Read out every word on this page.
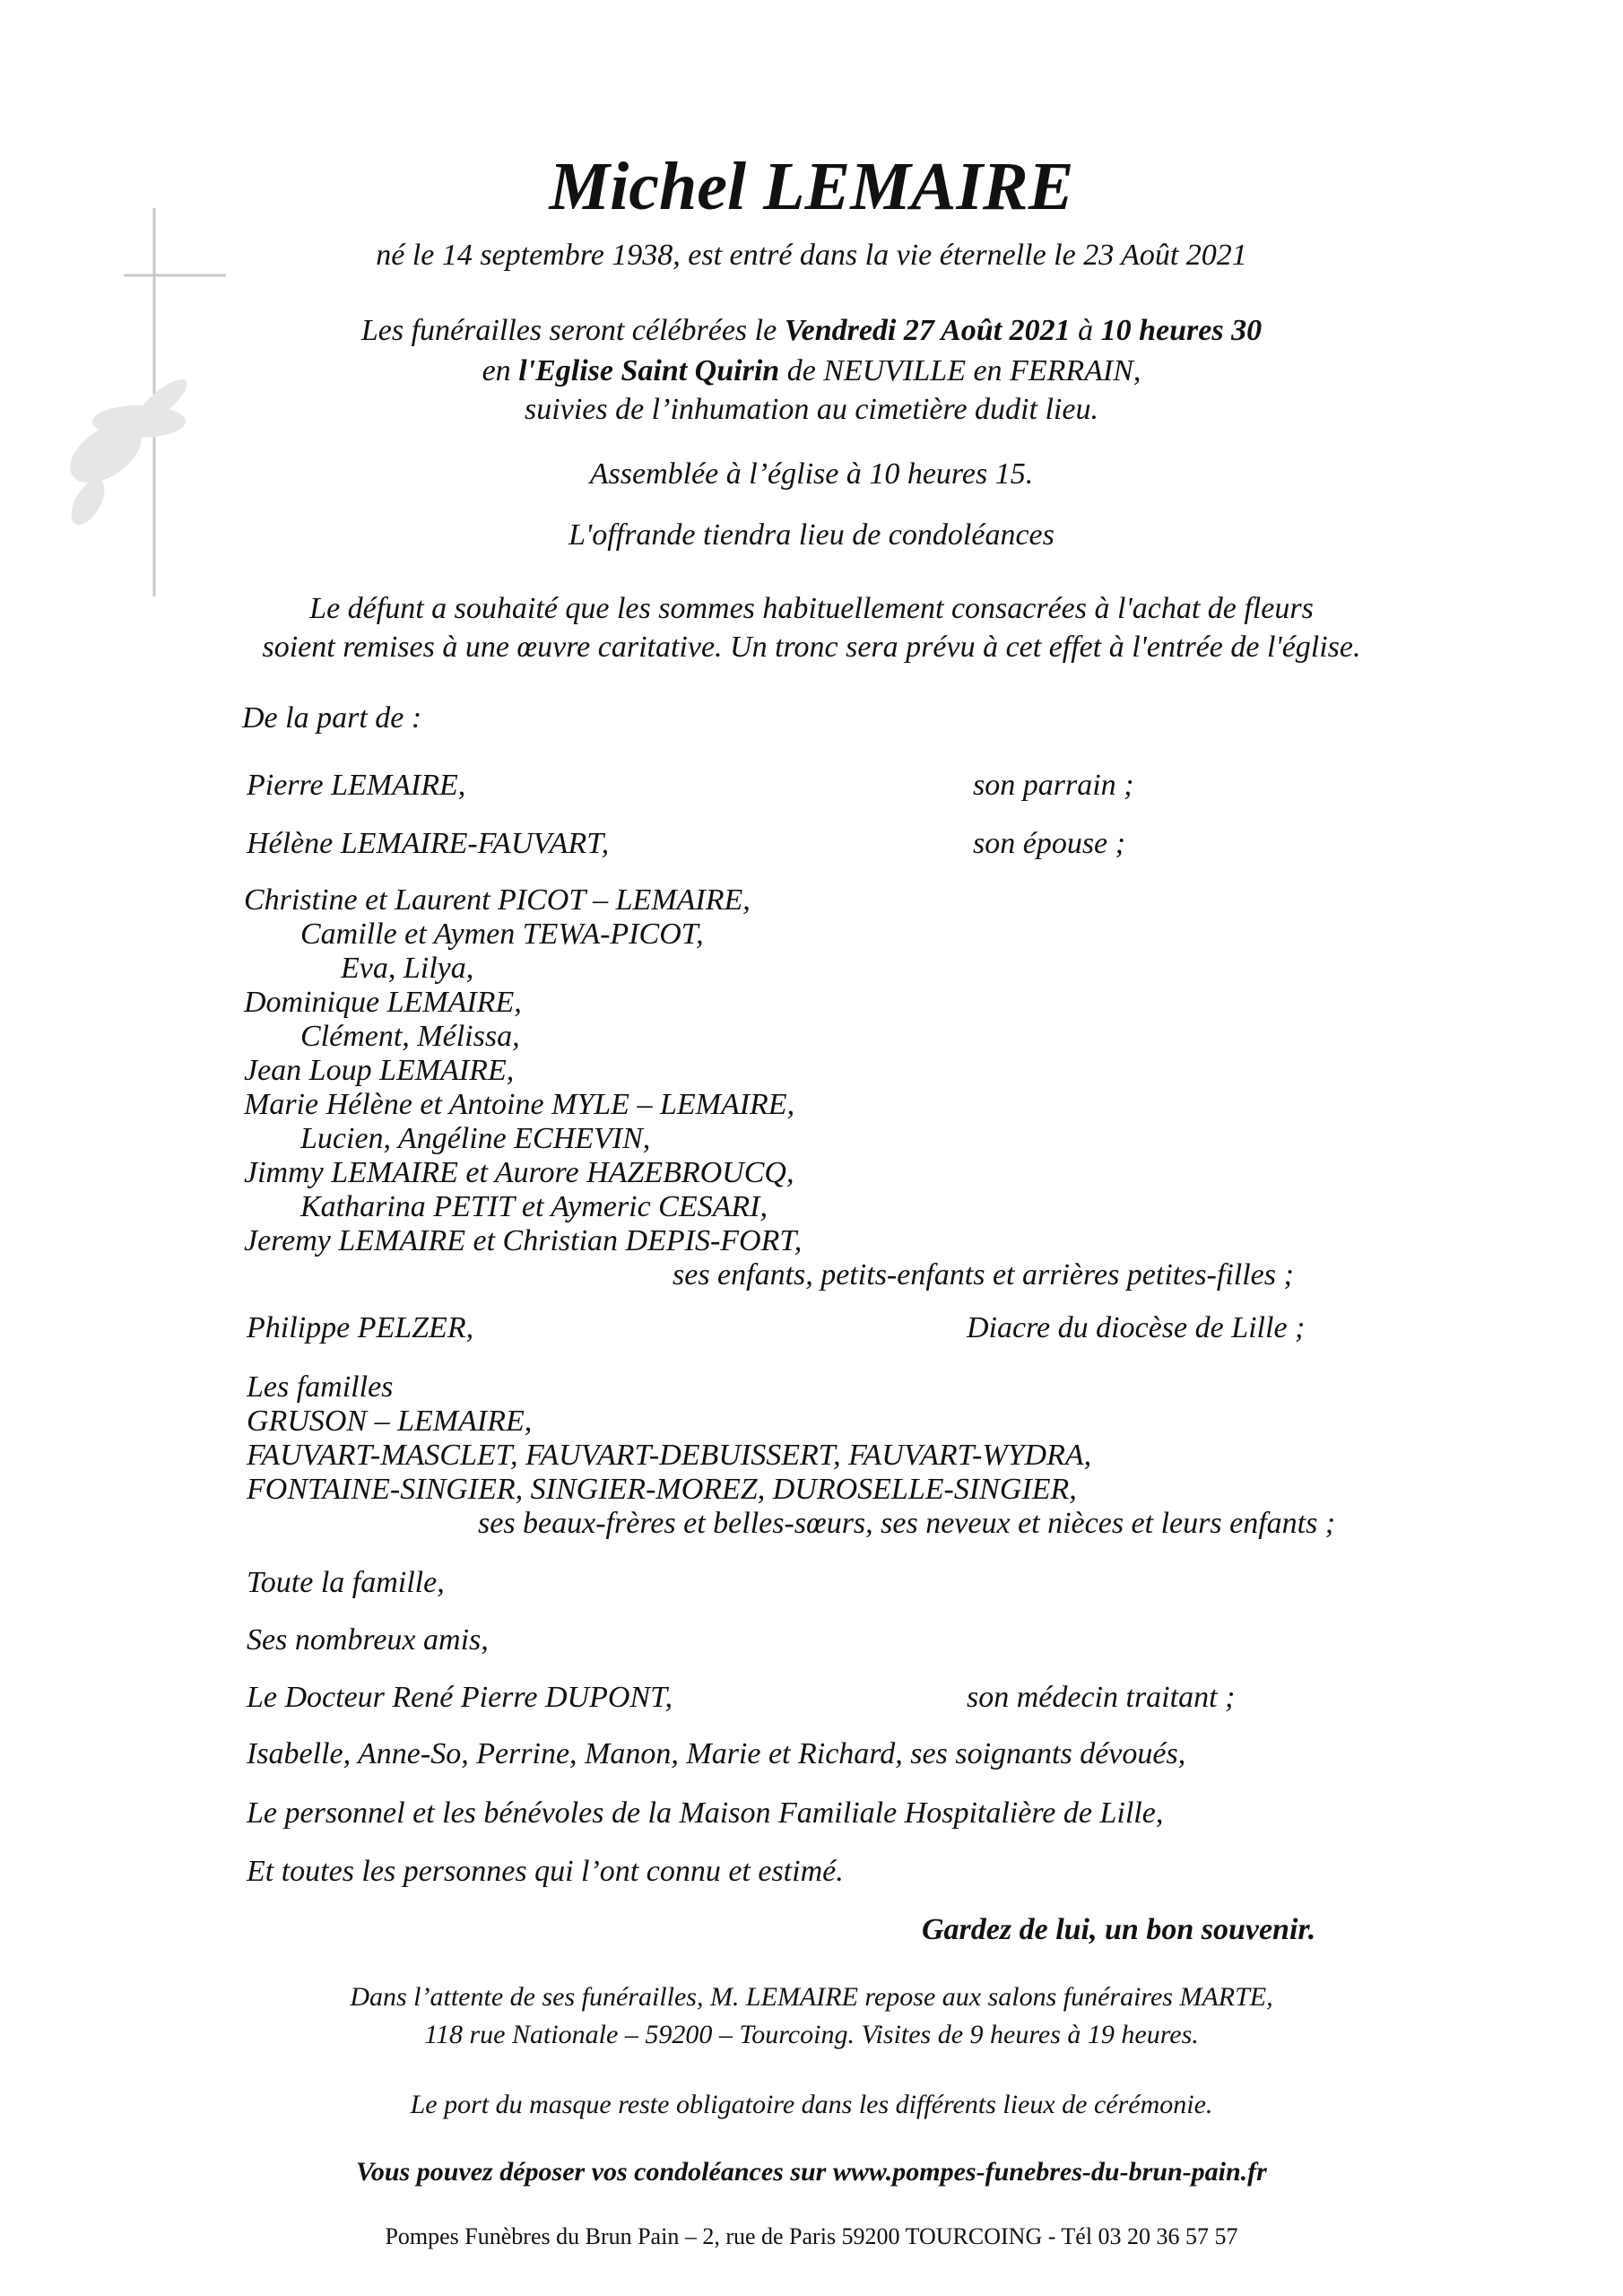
Michel LEMAIRE
né le 14 septembre 1938, est entré dans la vie éternelle le 23 Août 2021
Les funérailles seront célébrées le Vendredi 27 Août 2021 à 10 heures 30
en l'Eglise Saint Quirin de NEUVILLE en FERRAIN,
suivies de l’inhumation au cimetière dudit lieu.
Assemblée à l’église à 10 heures 15.
L'offrande tiendra lieu de condoléances
Le défunt a souhaité que les sommes habituellement consacrées à l'achat de fleurs
soient remises à une œuvre caritative. Un tronc sera prévu à cet effet à l'entrée de l'église.
De la part de :
Pierre LEMAIRE,	son parrain ;
Hélène LEMAIRE-FAUVART,	son épouse ;
Christine et Laurent PICOT – LEMAIRE,
Camille et Aymen TEWA-PICOT,
Eva, Lilya,
Dominique LEMAIRE,
Clément, Mélissa,
Jean Loup LEMAIRE,
Marie Hélène et Antoine MYLE – LEMAIRE,
Lucien, Angéline ECHEVIN,
Jimmy LEMAIRE et Aurore HAZEBROUCQ,
Katharina PETIT et Aymeric CESARI,
Jeremy LEMAIRE et Christian DEPIS-FORT,
ses enfants, petits-enfants et arrières petites-filles ;
Philippe PELZER,	Diacre du diocèse de Lille ;
Les familles
GRUSON – LEMAIRE,
FAUVART-MASCLET, FAUVART-DEBUISSERT, FAUVART-WYDRA,
FONTAINE-SINGIER, SINGIER-MOREZ, DUROSELLE-SINGIER,
ses beaux-frères et belles-sœurs, ses neveux et nièces et leurs enfants ;
Toute la famille,
Ses nombreux amis,
Le Docteur René Pierre DUPONT,	son médecin traitant ;
Isabelle, Anne-So, Perrine, Manon, Marie et Richard, ses soignants dévoués,
Le personnel et les bénévoles de la Maison Familiale Hospitalière de Lille,
Et toutes les personnes qui l’ont connu et estimé.
Gardez de lui, un bon souvenir.
Dans l’attente de ses funérailles, M. LEMAIRE repose aux salons funéraires MARTE,
118 rue Nationale – 59200 – Tourcoing. Visites de 9 heures à 19 heures.
Le port du masque reste obligatoire dans les différents lieux de cérémonie.
Vous pouvez déposer vos condoléances sur www.pompes-funebres-du-brun-pain.fr
Pompes Funèbres du Brun Pain – 2, rue de Paris 59200 TOURCOING - Tél 03 20 36 57 57
